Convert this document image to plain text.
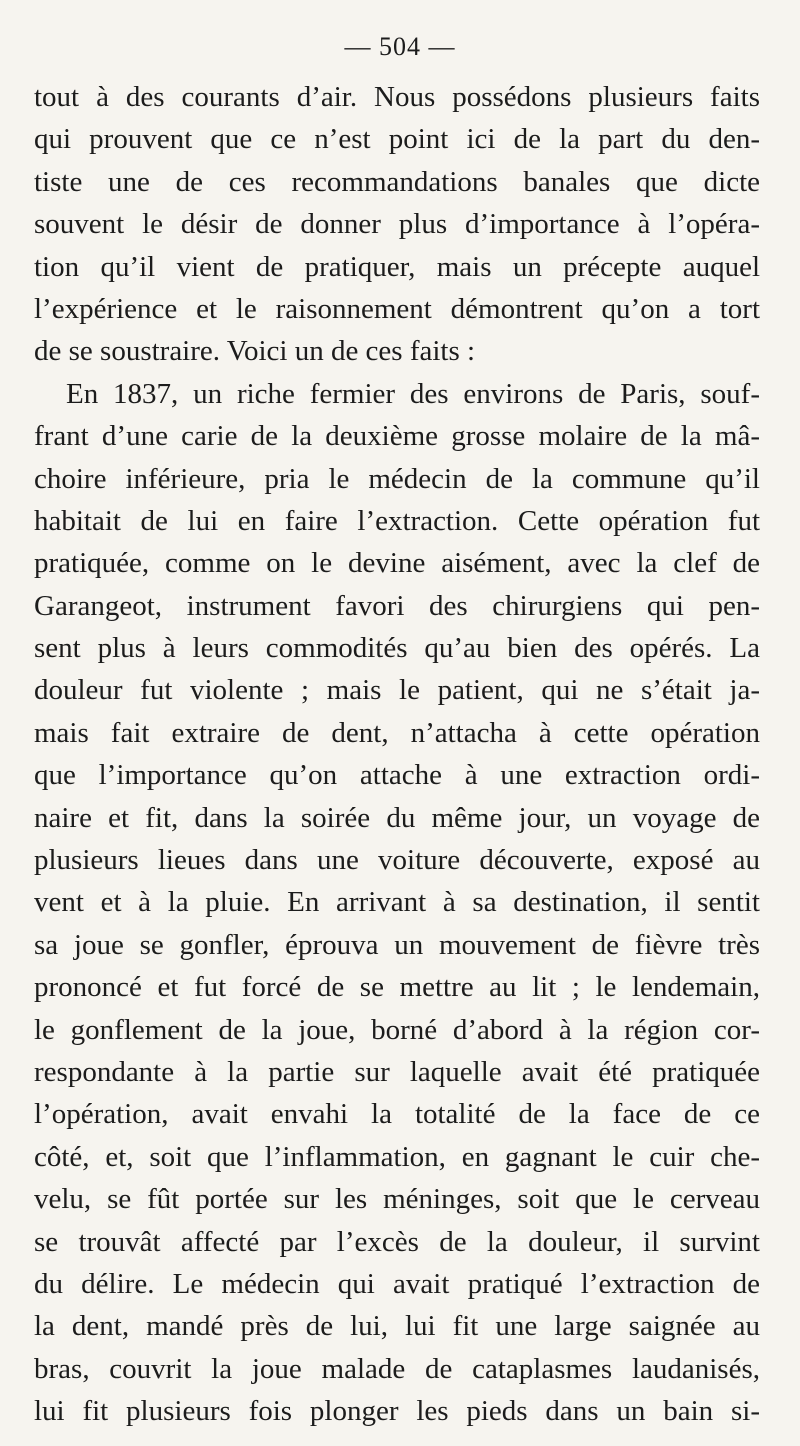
— 504 —
tout à des courants d’air. Nous possédons plusieurs faits
qui prouvent que ce n’est point ici de la part du den-
tiste une de ces recommandations banales que dicte
souvent le désir de donner plus d’importance à l’opéra-
tion qu’il vient de pratiquer, mais un précepte auquel
l’expérience et le raisonnement démontrent qu’on a tort
de se soustraire. Voici un de ces faits :
En 1837, un riche fermier des environs de Paris, souf-
frant d’une carie de la deuxième grosse molaire de la mâ-
choire inférieure, pria le médecin de la commune qu’il
habitait de lui en faire l’extraction. Cette opération fut
pratiquée, comme on le devine aisément, avec la clef de
Garangeot, instrument favori des chirurgiens qui pen-
sent plus à leurs commodités qu’au bien des opérés. La
douleur fut violente ; mais le patient, qui ne s’était ja-
mais fait extraire de dent, n’attacha à cette opération
que l’importance qu’on attache à une extraction ordi-
naire et fit, dans la soirée du même jour, un voyage de
plusieurs lieues dans une voiture découverte, exposé au
vent et à la pluie. En arrivant à sa destination, il sentit
sa joue se gonfler, éprouva un mouvement de fièvre très
prononcé et fut forcé de se mettre au lit ; le lendemain,
le gonflement de la joue, borné d’abord à la région cor-
respondante à la partie sur laquelle avait été pratiquée
l’opération, avait envahi la totalité de la face de ce
côté, et, soit que l’inflammation, en gagnant le cuir che-
velu, se fût portée sur les méninges, soit que le cerveau
se trouvât affecté par l’excès de la douleur, il survint
du délire. Le médecin qui avait pratiqué l’extraction de
la dent, mandé près de lui, lui fit une large saignée au
bras, couvrit la joue malade de cataplasmes laudanisés,
lui fit plusieurs fois plonger les pieds dans un bain si-
